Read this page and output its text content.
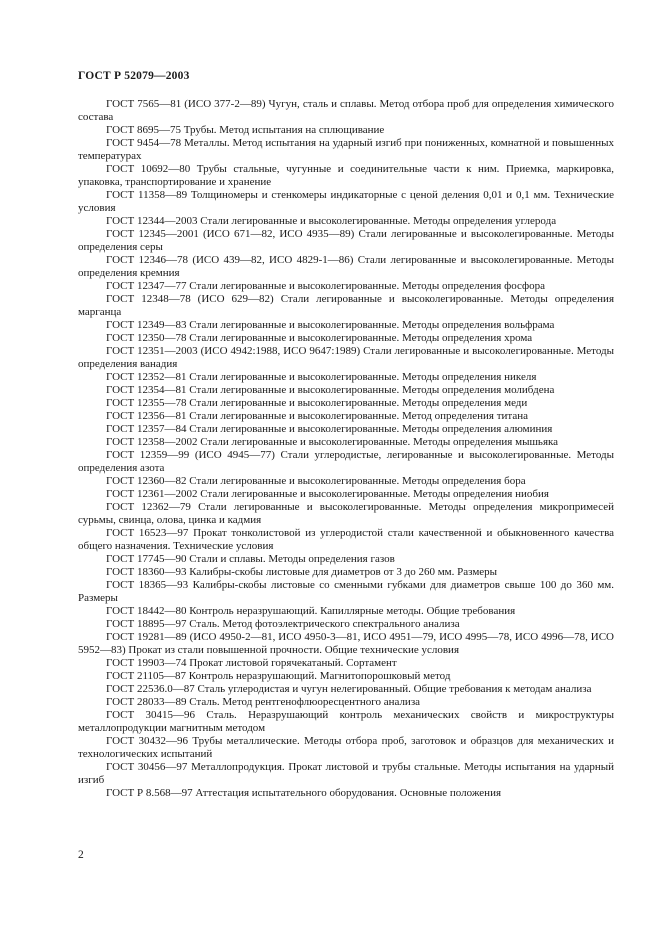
ГОСТ Р 52079—2003

ГОСТ 7565—81 (ИСО 377-2—89) Чугун, сталь и сплавы. Метод отбора проб для определения химического состава

ГОСТ 8695—75 Трубы. Метод испытания на сплющивание

ГОСТ 9454—78 Металлы. Метод испытания на ударный изгиб при пониженных, комнатной и повышенных температурах

ГОСТ 10692—80 Трубы стальные, чугунные и соединительные части к ним. Приемка, маркировка, упаковка, транспортирование и хранение

ГОСТ 11358—89 Толщиномеры и стенкомеры индикаторные с ценой деления 0,01 и 0,1 мм. Технические условия

ГОСТ 12344—2003 Стали легированные и высоколегированные. Методы определения углерода

ГОСТ 12345—2001 (ИСО 671—82, ИСО 4935—89) Стали легированные и высоколегированные. Методы определения серы

ГОСТ 12346—78 (ИСО 439—82, ИСО 4829-1—86) Стали легированные и высоколегированные. Методы определения кремния

ГОСТ 12347—77 Стали легированные и высоколегированные. Методы определения фосфора

ГОСТ 12348—78 (ИСО 629—82) Стали легированные и высоколегированные. Методы определения марганца

ГОСТ 12349—83 Стали легированные и высоколегированные. Методы определения вольфрама

ГОСТ 12350—78 Стали легированные и высоколегированные. Методы определения хрома

ГОСТ 12351—2003 (ИСО 4942:1988, ИСО 9647:1989) Стали легированные и высоколегированные. Методы определения ванадия

ГОСТ 12352—81 Стали легированные и высоколегированные. Методы определения никеля

ГОСТ 12354—81 Стали легированные и высоколегированные. Методы определения молибдена

ГОСТ 12355—78 Стали легированные и высоколегированные. Методы определения меди

ГОСТ 12356—81 Стали легированные и высоколегированные. Метод определения титана

ГОСТ 12357—84 Стали легированные и высоколегированные. Методы определения алюминия

ГОСТ 12358—2002 Стали легированные и высоколегированные. Методы определения мышьяка

ГОСТ 12359—99 (ИСО 4945—77) Стали углеродистые, легированные и высоколегированные. Методы определения азота

ГОСТ 12360—82 Стали легированные и высоколегированные. Методы определения бора

ГОСТ 12361—2002 Стали легированные и высоколегированные. Методы определения ниобия

ГОСТ 12362—79 Стали легированные и высоколегированные. Методы определения микропримесей сурьмы, свинца, олова, цинка и кадмия

ГОСТ 16523—97 Прокат тонколистовой из углеродистой стали качественной и обыкновенного качества общего назначения. Технические условия

ГОСТ 17745—90 Стали и сплавы. Методы определения газов

ГОСТ 18360—93 Калибры-скобы листовые для диаметров от 3 до 260 мм. Размеры

ГОСТ 18365—93 Калибры-скобы листовые со сменными губками для диаметров свыше 100 до 360 мм. Размеры

ГОСТ 18442—80 Контроль неразрушающий. Капиллярные методы. Общие требования

ГОСТ 18895—97 Сталь. Метод фотоэлектрического спектрального анализа

ГОСТ 19281—89 (ИСО 4950-2—81, ИСО 4950-3—81, ИСО 4951—79, ИСО 4995—78, ИСО 4996—78, ИСО 5952—83) Прокат из стали повышенной прочности. Общие технические условия

ГОСТ 19903—74 Прокат листовой горячекатаный. Сортамент

ГОСТ 21105—87 Контроль неразрушающий. Магнитопорошковый метод

ГОСТ 22536.0—87 Сталь углеродистая и чугун нелегированный. Общие требования к методам анализа

ГОСТ 28033—89 Сталь. Метод рентгенофлюоресцентного анализа

ГОСТ 30415—96 Сталь. Неразрушающий контроль механических свойств и микроструктуры металлопродукции магнитным методом

ГОСТ 30432—96 Трубы металлические. Методы отбора проб, заготовок и образцов для механических и технологических испытаний

ГОСТ 30456—97 Металлопродукция. Прокат листовой и трубы стальные. Методы испытания на ударный изгиб

ГОСТ Р 8.568—97 Аттестация испытательного оборудования. Основные положения

2
